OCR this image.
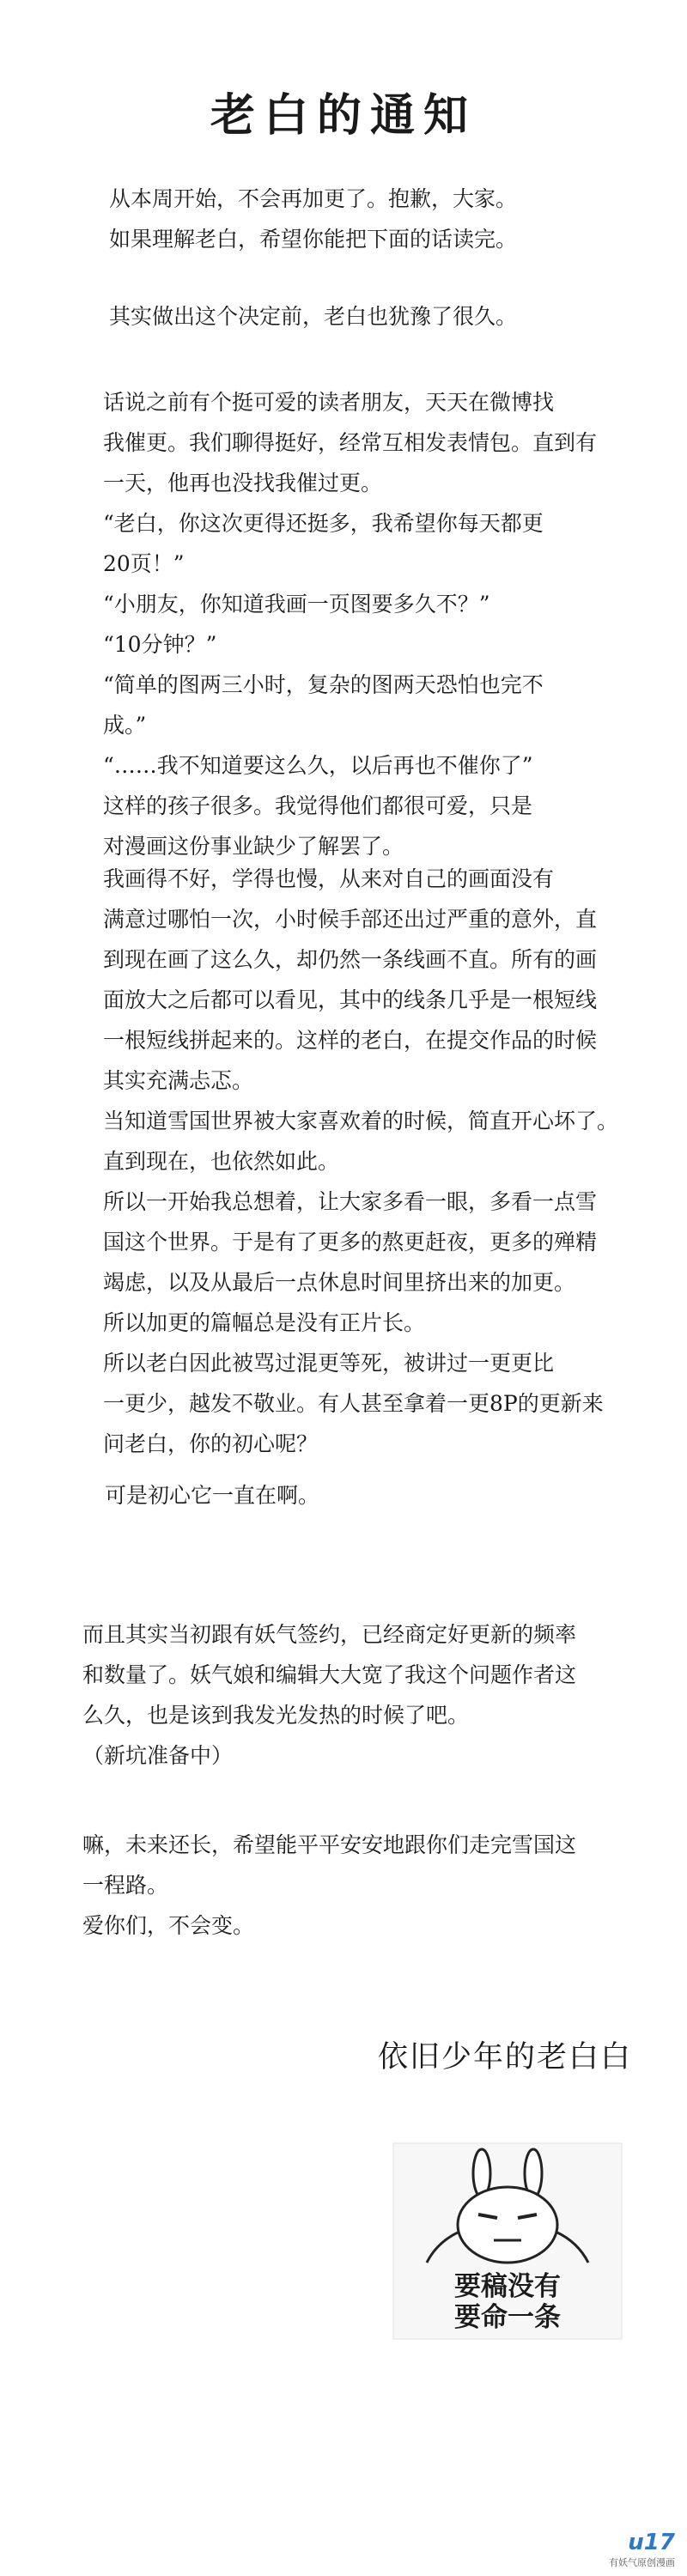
老白的通知

从本周开始，不会再加更了。抱歉，大家。
如果理解老白，希望你能把下面的话读完。

其实做出这个决定前，老白也犹豫了很久。

话说之前有个挺可爱的读者朋友，天天在微博找
我催更。我们聊得挺好，经常互相发表情包。直到有
一天，他再也没找我催过更。
“老白，你这次更得还挺多，我希望你每天都更
20页！”
“小朋友，你知道我画一页图要多久不？”
“10分钟？”
“简单的图两三小时，复杂的图两天恐怕也完不
成。”
“……我不知道要这么久，以后再也不催你了”
这样的孩子很多。我觉得他们都很可爱，只是
对漫画这份事业缺少了解罢了。

我画得不好，学得也慢，从来对自己的画面没有
满意过哪怕一次，小时候手部还出过严重的意外，直
到现在画了这么久，却仍然一条线画不直。所有的画
面放大之后都可以看见，其中的线条几乎是一根短线
一根短线拼起来的。这样的老白，在提交作品的时候
其实充满忐忑。
当知道雪国世界被大家喜欢着的时候，简直开心坏了。
直到现在，也依然如此。
所以一开始我总想着，让大家多看一眼，多看一点雪
国这个世界。于是有了更多的熬更赶夜，更多的殚精
竭虑，以及从最后一点休息时间里挤出来的加更。
所以加更的篇幅总是没有正片长。
所以老白因此被骂过混更等死，被讲过一更更比
一更少，越发不敬业。有人甚至拿着一更8P的更新来
问老白，你的初心呢？

可是初心它一直在啊。

而且其实当初跟有妖气签约，已经商定好更新的频率
和数量了。妖气娘和编辑大大宽了我这个问题作者这
么久，也是该到我发光发热的时候了吧。
（新坑准备中）

嘛，未来还长，希望能平平安安地跟你们走完雪国这
一程路。
爱你们，不会变。

依旧少年的老白白
要稿没有
要命一条
u17
有妖气原创漫画
